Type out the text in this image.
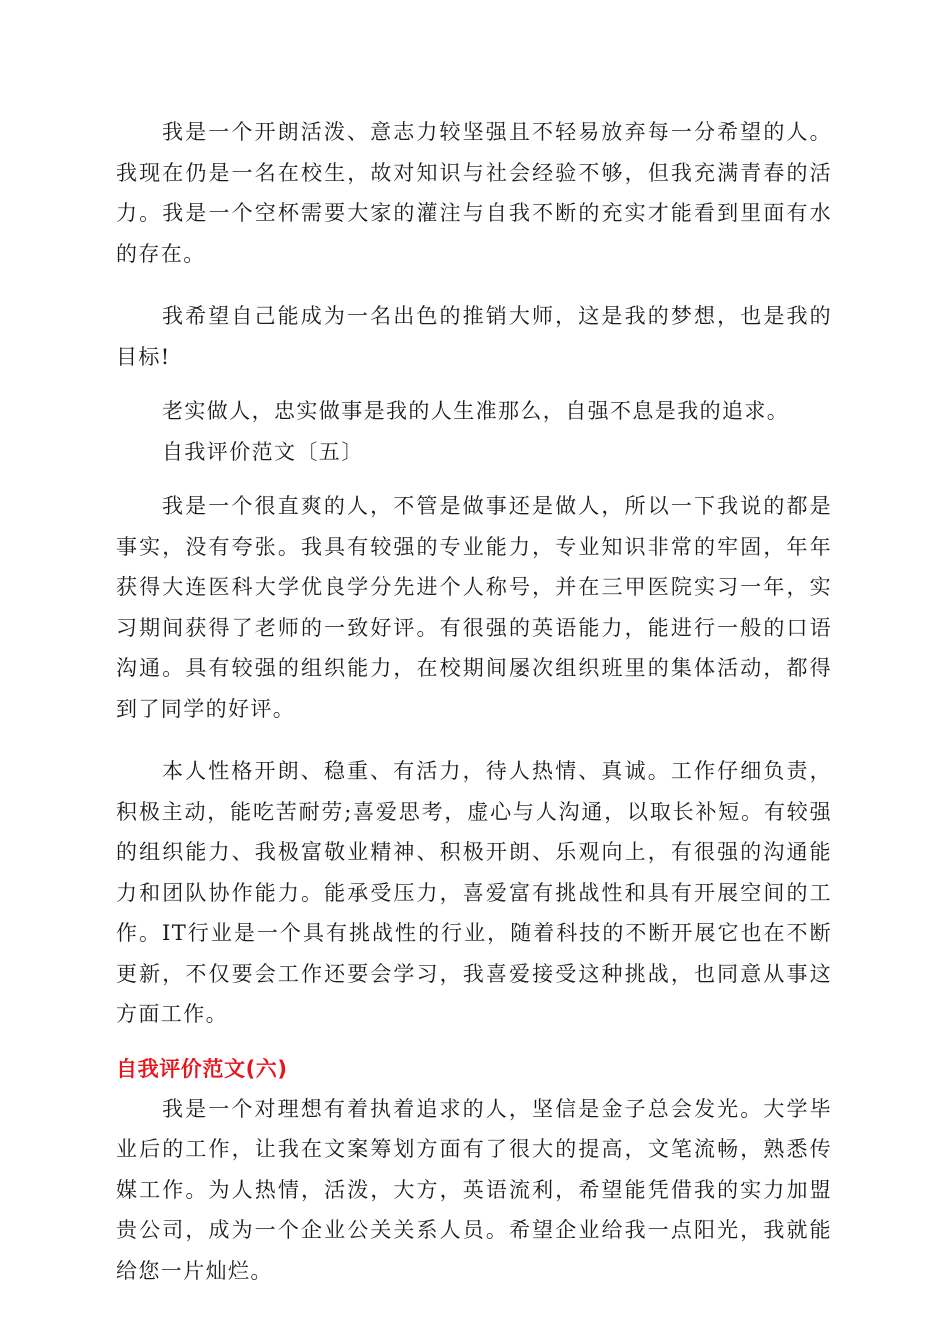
我是一个开朗活泼、意志力较坚强且不轻易放弃每一分希望的人。我现在仍是一名在校生，故对知识与社会经验不够，但我充满青春的活力。我是一个空杯需要大家的灌注与自我不断的充实才能看到里面有水的存在。

我希望自己能成为一名出色的推销大师，这是我的梦想，也是我的目标!

老实做人，忠实做事是我的人生准那么，自强不息是我的追求。

自我评价范文〔五〕

我是一个很直爽的人，不管是做事还是做人，所以一下我说的都是事实，没有夸张。我具有较强的专业能力，专业知识非常的牢固，年年获得大连医科大学优良学分先进个人称号，并在三甲医院实习一年，实习期间获得了老师的一致好评。有很强的英语能力，能进行一般的口语沟通。具有较强的组织能力，在校期间屡次组织班里的集体活动，都得到了同学的好评。

本人性格开朗、稳重、有活力，待人热情、真诚。工作仔细负责，积极主动，能吃苦耐劳;喜爱思考，虚心与人沟通，以取长补短。有较强的组织能力、我极富敬业精神、积极开朗、乐观向上，有很强的沟通能力和团队协作能力。能承受压力，喜爱富有挑战性和具有开展空间的工作。IT行业是一个具有挑战性的行业，随着科技的不断开展它也在不断更新，不仅要会工作还要会学习，我喜爱接受这种挑战，也同意从事这方面工作。

自我评价范文(六)

我是一个对理想有着执着追求的人，坚信是金子总会发光。大学毕业后的工作，让我在文案筹划方面有了很大的提高，文笔流畅，熟悉传媒工作。为人热情，活泼，大方，英语流利，希望能凭借我的实力加盟贵公司，成为一个企业公关关系人员。希望企业给我一点阳光，我就能给您一片灿烂。
